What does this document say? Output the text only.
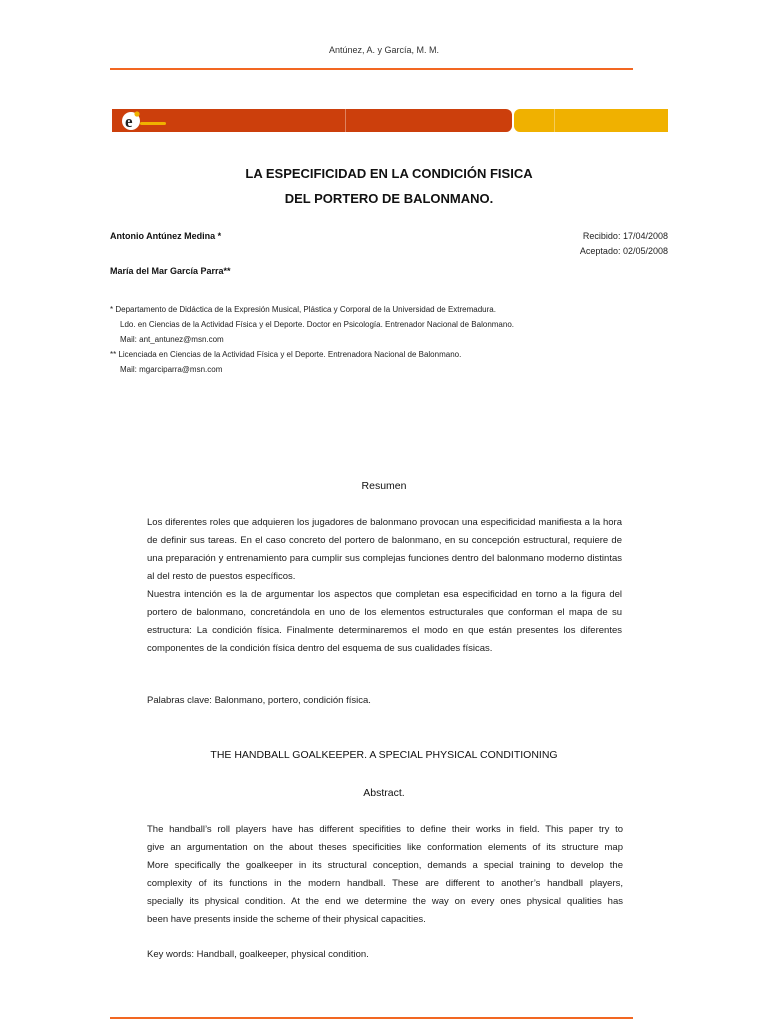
Antúnez, A. y García, M. M.
e
LA ESPECIFICIDAD EN LA CONDICIÓN FISICA
DEL PORTERO DE BALONMANO.
Antonio Antúnez Medina *
María del Mar García Parra**
Recibido: 17/04/2008
Aceptado: 02/05/2008
* Departamento de Didáctica de la Expresión Musical, Plástica y Corporal de la Universidad de Extremadura.
Ldo. en Ciencias de la Actividad Física y el Deporte. Doctor en Psicología. Entrenador Nacional de Balonmano.
Mail: ant_antunez@msn.com
** Licenciada en Ciencias de la Actividad Física y el Deporte. Entrenadora Nacional de Balonmano.
Mail: mgarciparra@msn.com
Resumen

Los diferentes roles que adquieren los jugadores de balonmano provocan una especificidad manifiesta a la hora de definir sus tareas. En el caso concreto del portero de balonmano, en su concepción estructural, requiere de una preparación y entrenamiento para cumplir sus complejas funciones dentro del balonmano moderno distintas al del resto de puestos específicos.

Nuestra intención es la de argumentar los aspectos que completan esa especificidad en torno a la figura del portero de balonmano, concretándola en uno de los elementos estructurales que conforman el mapa de su estructura: La condición física. Finalmente determinaremos el modo en que están presentes los diferentes componentes de la condición física dentro del esquema de sus cualidades físicas.

Palabras clave: Balonmano, portero, condición física.
THE HANDBALL GOALKEEPER. A SPECIAL PHYSICAL CONDITIONING
Abstract.
The handball’s roll players have has different specifities to define their works in field. This paper try to
give an argumentation on the about theses specificities like conformation elements of its structure map
More specifically the goalkeeper in its structural conception, demands a special training to develop the
complexity of its functions in the modern handball. These are different to another’s handball players,
specially its physical condition. At the end we determine the way on every ones physical qualities has
been have presents inside the scheme of their physical capacities.
Key words: Handball, goalkeeper, physical condition.
